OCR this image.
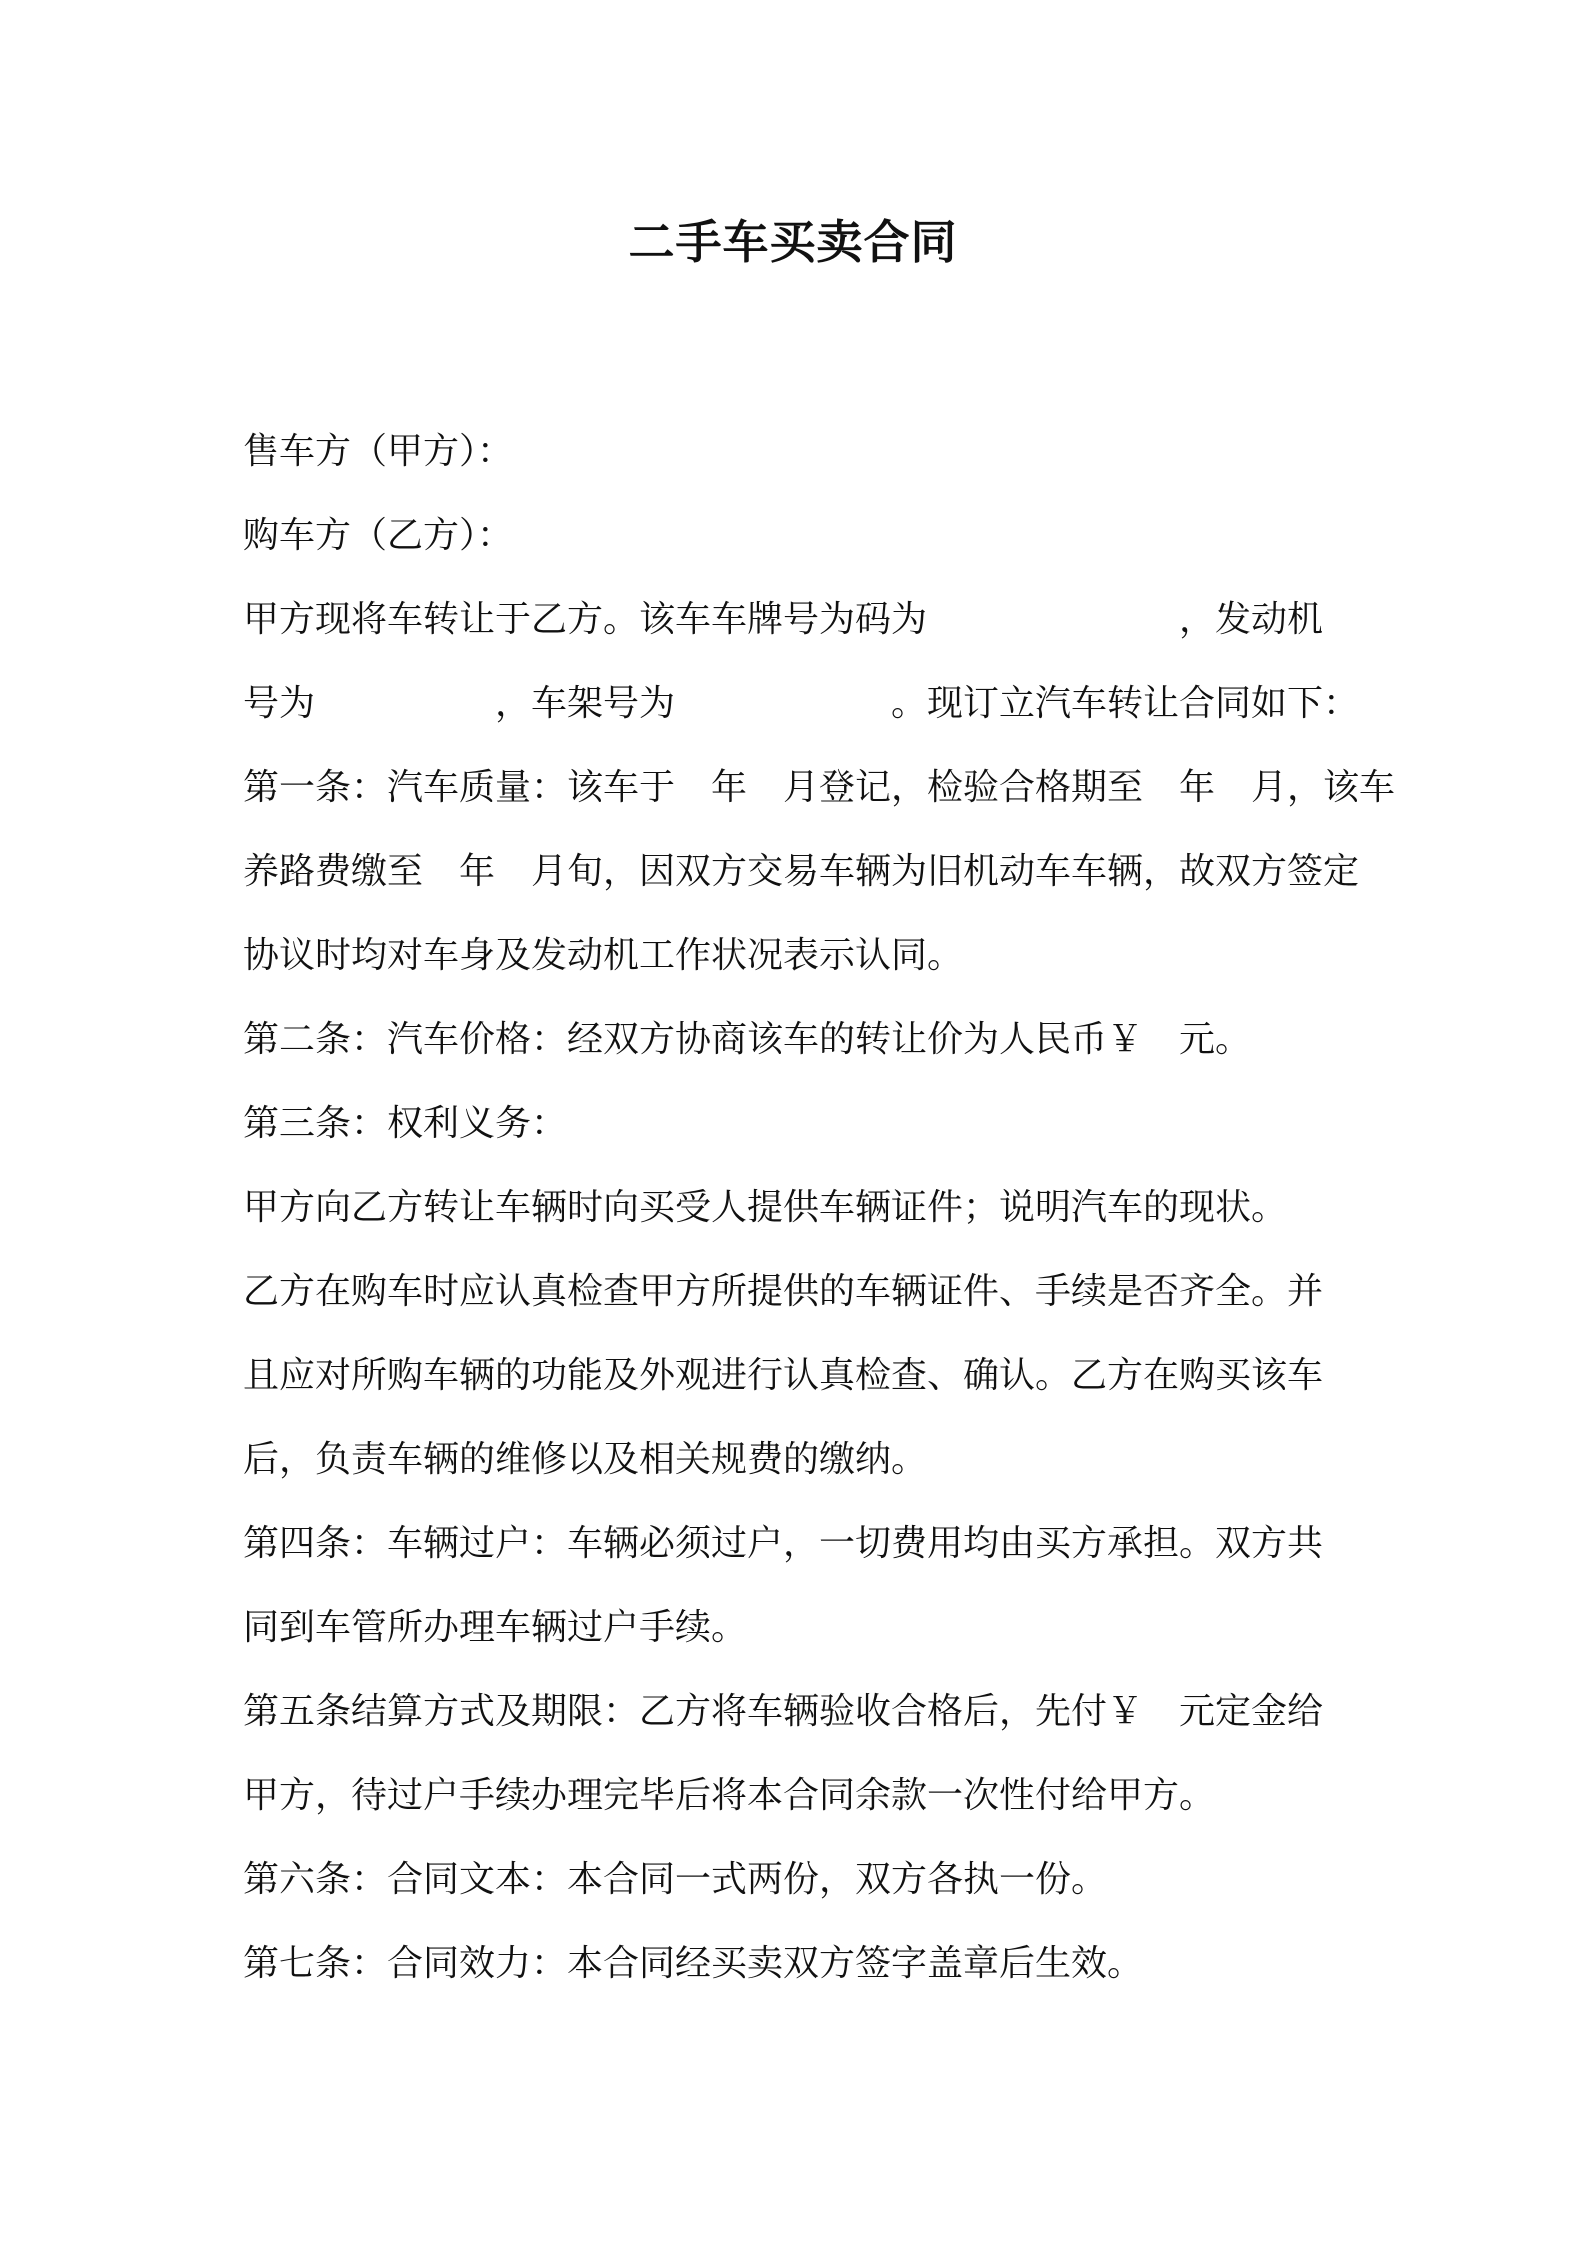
二手车买卖合同

售车方（甲方）：

购车方（乙方）：

甲方现将车转让于乙方。该车车牌号为码为　　　　　　　，发动机

号为　　　　　，车架号为　　　　　　。现订立汽车转让合同如下：

第一条：汽车质量：该车于　年　月登记，检验合格期至　年　月，该车

养路费缴至　年　月旬，因双方交易车辆为旧机动车车辆，故双方签定

协议时均对车身及发动机工作状况表示认同。

第二条：汽车价格：经双方协商该车的转让价为人民币￥　元。

第三条：权利义务：

甲方向乙方转让车辆时向买受人提供车辆证件；说明汽车的现状。

乙方在购车时应认真检查甲方所提供的车辆证件、手续是否齐全。并

且应对所购车辆的功能及外观进行认真检查、确认。乙方在购买该车

后，负责车辆的维修以及相关规费的缴纳。

第四条：车辆过户：车辆必须过户，一切费用均由买方承担。双方共

同到车管所办理车辆过户手续。

第五条结算方式及期限：乙方将车辆验收合格后，先付￥　元定金给

甲方，待过户手续办理完毕后将本合同余款一次性付给甲方。

第六条：合同文本：本合同一式两份，双方各执一份。

第七条：合同效力：本合同经买卖双方签字盖章后生效。
